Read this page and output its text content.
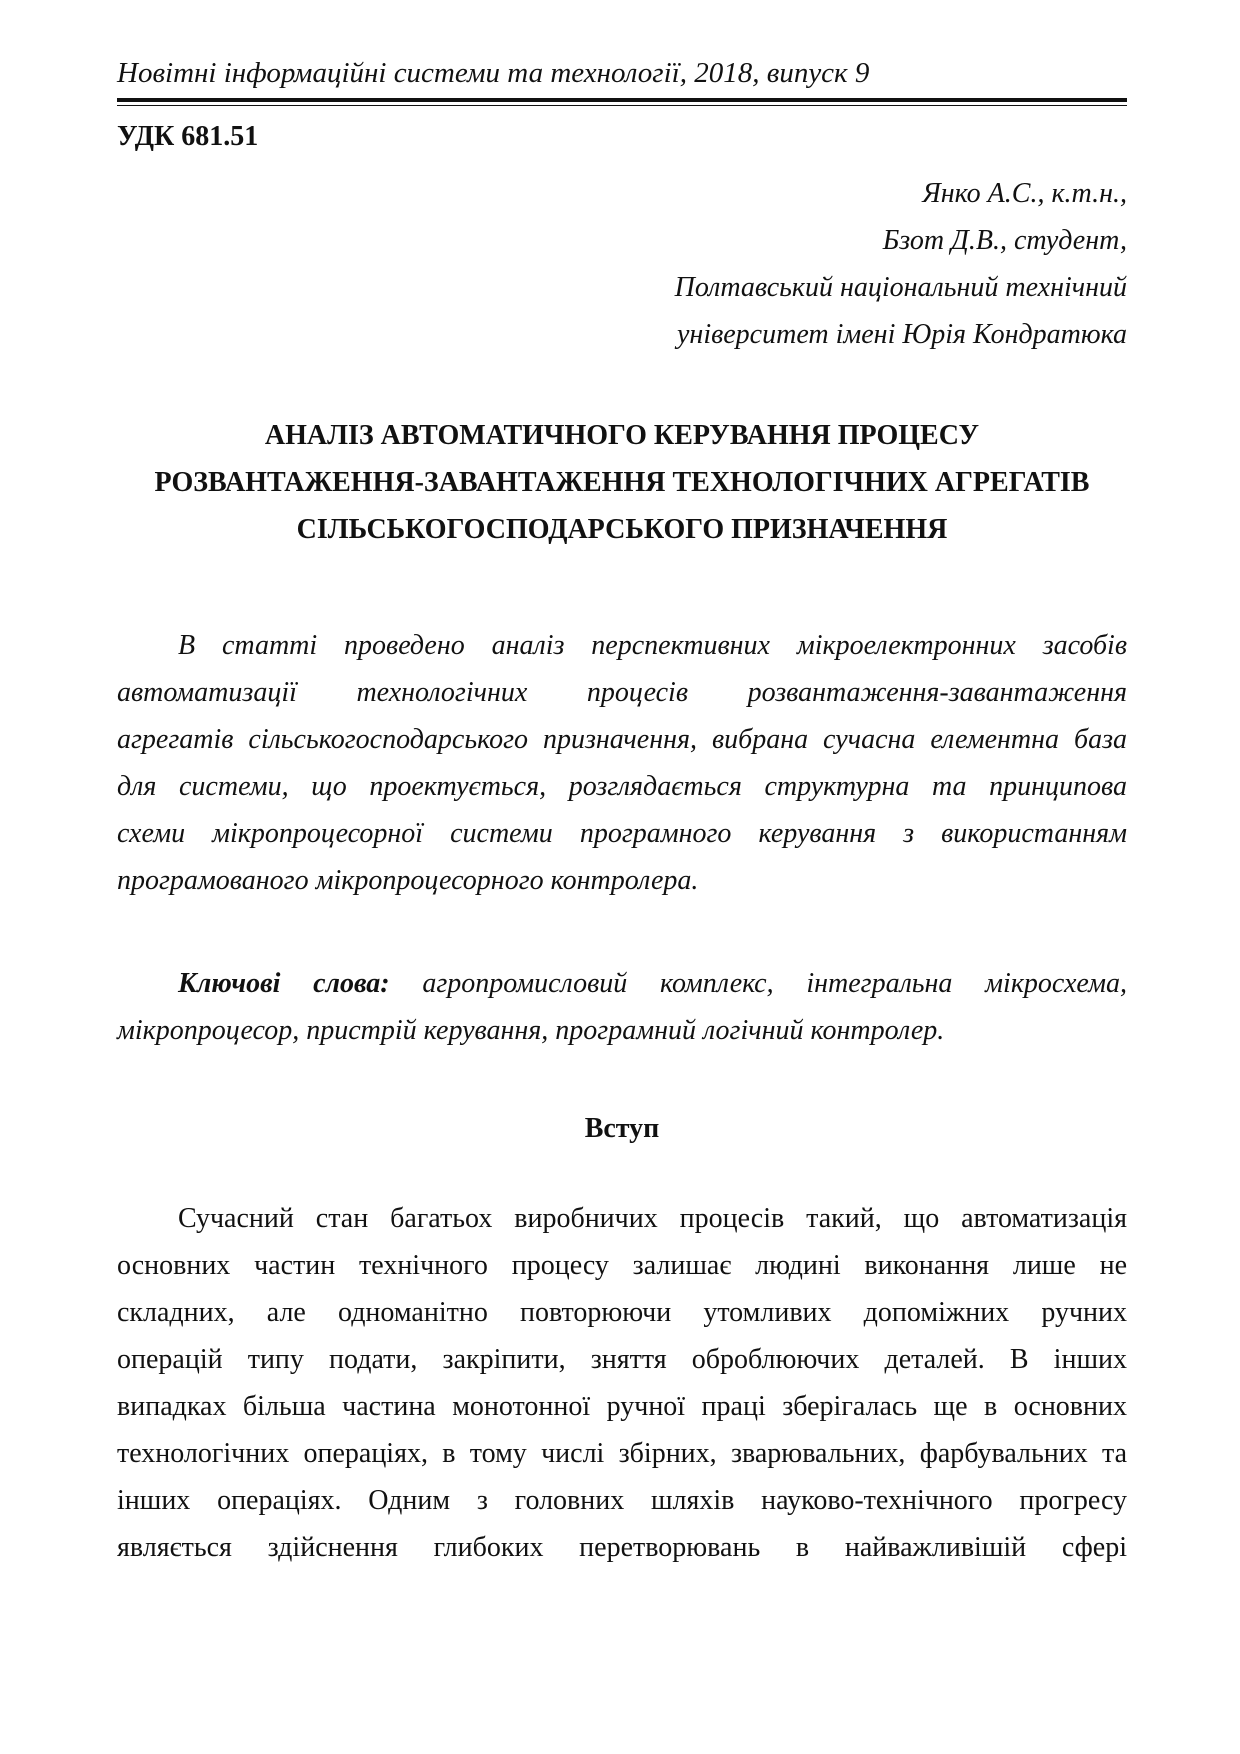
Новітні інформаційні системи та технології, 2018, випуск 9
УДК 681.51
Янко А.С., к.т.н.,
Бзот Д.В., студент,
Полтавський національний технічний
університет імені Юрія Кондратюка
АНАЛІЗ АВТОМАТИЧНОГО КЕРУВАННЯ ПРОЦЕСУ
РОЗВАНТАЖЕННЯ-ЗАВАНТАЖЕННЯ ТЕХНОЛОГІЧНИХ АГРЕГАТІВ
СІЛЬСЬКОГОСПОДАРСЬКОГО ПРИЗНАЧЕННЯ
В статті проведено аналіз перспективних мікроелектронних засобів
автоматизації технологічних процесів розвантаження-завантаження
агрегатів сільськогосподарського призначення, вибрана сучасна елементна база
для системи, що проектується, розглядається структурна та принципова
схеми мікропроцесорної системи програмного керування з використанням
програмованого мікропроцесорного контролера.
Ключові слова: агропромисловий комплекс, інтегральна мікросхема,
мікропроцесор, пристрій керування, програмний логічний контролер.
Вступ
Сучасний стан багатьох виробничих процесів такий, що автоматизація
основних частин технічного процесу залишає людині виконання лише не
складних, але одноманітно повторюючи утомливих допоміжних ручних
операцій типу подати, закріпити, зняття оброблюючих деталей. В інших
випадках більша частина монотонної ручної праці зберігалась ще в основних
технологічних операціях, в тому числі збірних, зварювальних, фарбувальних та
інших операціях. Одним з головних шляхів науково-технічного прогресу
являється здійснення глибоких перетворювань в найважливішій сфері
